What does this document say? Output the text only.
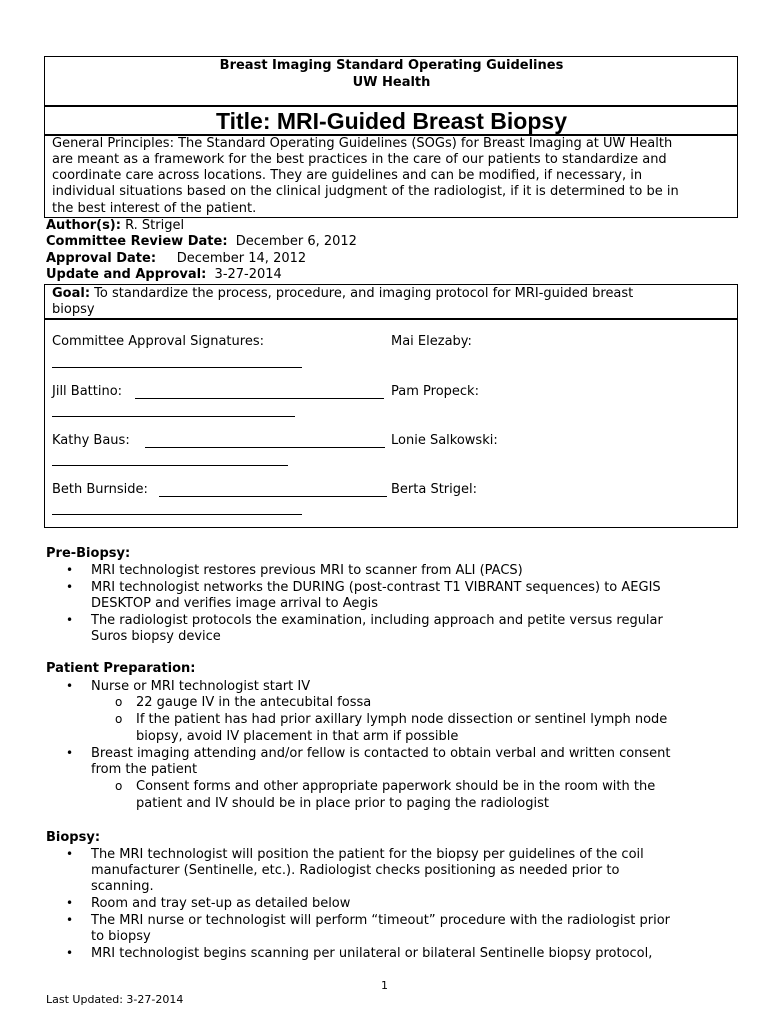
Breast Imaging Standard Operating Guidelines
UW Health
Title: MRI-Guided Breast Biopsy
General Principles: The Standard Operating Guidelines (SOGs) for Breast Imaging at UW Health
are meant as a framework for the best practices in the care of our patients to standardize and
coordinate care across locations. They are guidelines and can be modified, if necessary, in
individual situations based on the clinical judgment of the radiologist, if it is determined to be in
the best interest of the patient.
Author(s): R. Strigel
Committee Review Date: December 6, 2012
Approval Date: December 14, 2012
Update and Approval: 3-27-2014
Goal: To standardize the process, procedure, and imaging protocol for MRI-guided breast
biopsy
Committee Approval Signatures:
Jill Battino:
Kathy Baus:
Beth Burnside:
Mai Elezaby:
Pam Propeck:
Lonie Salkowski:
Berta Strigel:
Pre-Biopsy:
• MRI technologist restores previous MRI to scanner from ALI (PACS)
• MRI technologist networks the DURING (post-contrast T1 VIBRANT sequences) to AEGIS
DESKTOP and verifies image arrival to Aegis
• The radiologist protocols the examination, including approach and petite versus regular
Suros biopsy device
Patient Preparation:
• Nurse or MRI technologist start IV
o 22 gauge IV in the antecubital fossa
o If the patient has had prior axillary lymph node dissection or sentinel lymph node
biopsy, avoid IV placement in that arm if possible
• Breast imaging attending and/or fellow is contacted to obtain verbal and written consent
from the patient
o Consent forms and other appropriate paperwork should be in the room with the
patient and IV should be in place prior to paging the radiologist
Biopsy:
• The MRI technologist will position the patient for the biopsy per guidelines of the coil
manufacturer (Sentinelle, etc.). Radiologist checks positioning as needed prior to
scanning.
• Room and tray set-up as detailed below
• The MRI nurse or technologist will perform “timeout” procedure with the radiologist prior
to biopsy
• MRI technologist begins scanning per unilateral or bilateral Sentinelle biopsy protocol,
1
Last Updated: 3-27-2014
